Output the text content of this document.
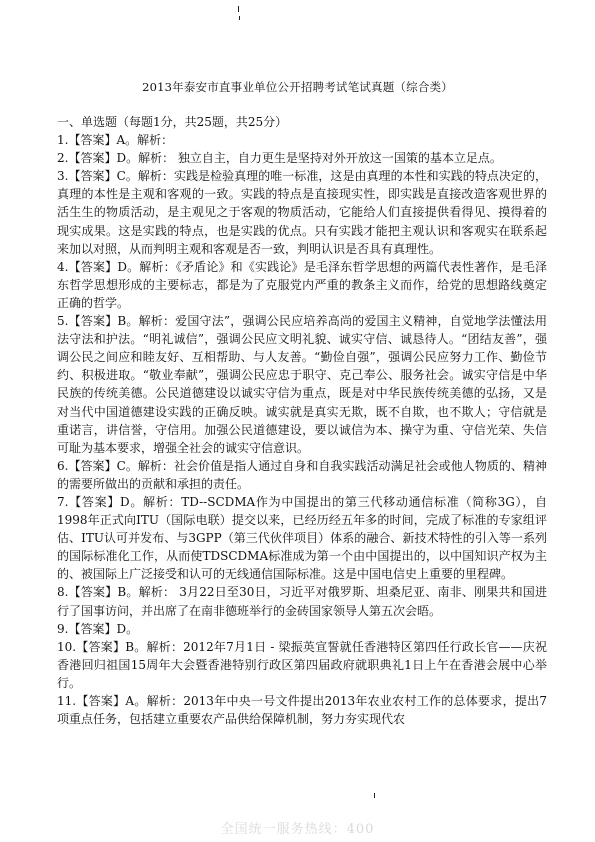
2013年泰安市直事业单位公开招聘考试笔试真题（综合类）

一、单选题（每题1分，共25题，共25分）

1.【答案】A。解析：

2.【答案】D。解析： 独立自主，自力更生是坚持对外开放这一国策的基本立足点。

3.【答案】C。解析：实践是检验真理的唯一标准，这是由真理的本性和实践的特点决定的，真理的本性是主观和客观的一致。实践的特点是直接现实性，即实践是直接改造客观世界的活生生的物质活动，是主观见之于客观的物质活动，它能给人们直接提供看得见、摸得着的现实成果。这是实践的特点，也是实践的优点。只有实践才能把主观认识和客观实在联系起来加以对照，从而判明主观和客观是否一致，判明认识是否具有真理性。

4.【答案】D。解析：《矛盾论》和《实践论》是毛泽东哲学思想的两篇代表性著作，是毛泽东哲学思想形成的主要标志，都是为了克服党内严重的教条主义而作，给党的思想路线奠定正确的哲学。

5.【答案】B。解析：爱国守法”，强调公民应培养高尚的爱国主义精神，自觉地学法懂法用法守法和护法。“明礼诚信”，强调公民应文明礼貌、诚实守信、诚恳待人。“团结友善”，强调公民之间应和睦友好、互相帮助、与人友善。“勤俭自强”，强调公民应努力工作、勤俭节约、积极进取。“敬业奉献”，强调公民应忠于职守、克己奉公、服务社会。诚实守信是中华民族的传统美德。公民道德建设以诚实守信为重点，既是对中华民族传统美德的弘扬，又是对当代中国道德建设实践的正确反映。诚实就是真实无欺，既不自欺，也不欺人；守信就是重诺言，讲信誉，守信用。加强公民道德建设，要以诚信为本、操守为重、守信光荣、失信可耻为基本要求，增强全社会的诚实守信意识。

6.【答案】C。解析：社会价值是指人通过自身和自我实践活动满足社会或他人物质的、精神的需要所做出的贡献和承担的责任。

7.【答案】D。解析：TD--SCDMA作为中国提出的第三代移动通信标准（简称3G），自1998年正式向ITU（国际电联）提交以来，已经历经五年多的时间，完成了标准的专家组评估、ITU认可并发布、与3GPP（第三代伙伴项目）体系的融合、新技术特性的引入等一系列的国际标准化工作，从而使TDSCDMA标准成为第一个由中国提出的，以中国知识产权为主的、被国际上广泛接受和认可的无线通信国际标准。这是中国电信史上重要的里程碑。

8.【答案】B。解析： 3月22日至30日，习近平对俄罗斯、坦桑尼亚、南非、刚果共和国进行了国事访问，并出席了在南非德班举行的金砖国家领导人第五次会晤。

9.【答案】D。

10.【答案】B。解析：2012年7月1日 - 梁振英宣誓就任香港特区第四任行政长官——庆祝香港回归祖国15周年大会暨香港特别行政区第四届政府就职典礼1日上午在香港会展中心举行。

11.【答案】A。解析：2013年中央一号文件提出2013年农业农村工作的总体要求，提出7项重点任务，包括建立重要农产品供给保障机制，努力夯实现代农

全国统一服务热线：400
